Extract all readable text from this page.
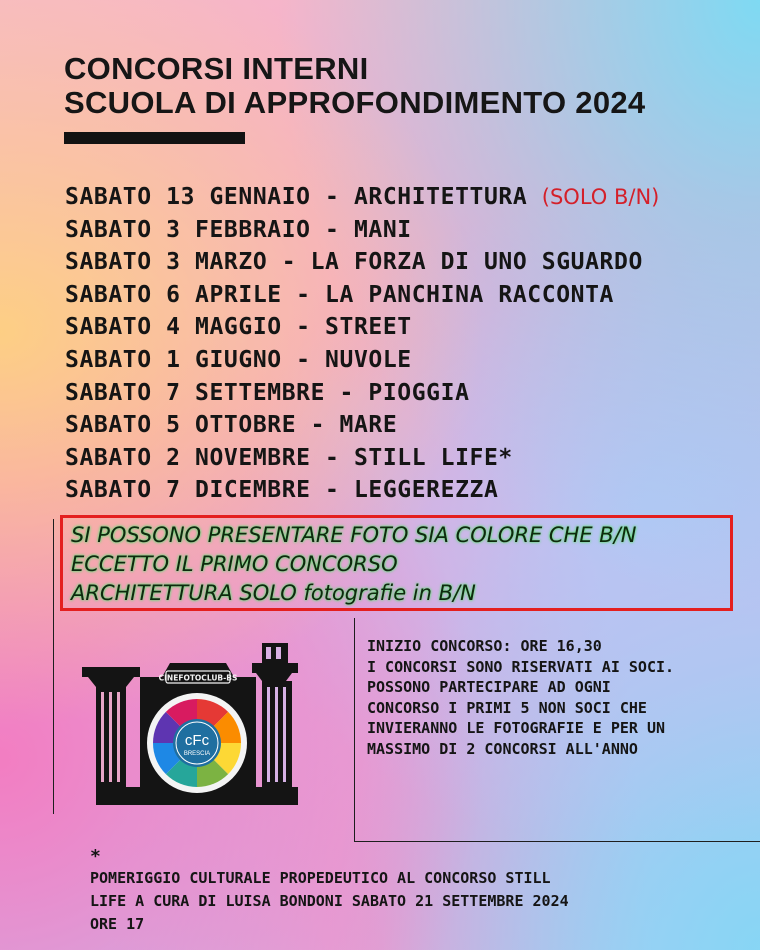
CONCORSI INTERNI
SCUOLA DI APPROFONDIMENTO 2024
SABATO 13 GENNAIO - ARCHITETTURA (SOLO B/N)
SABATO 3 FEBBRAIO - MANI
SABATO 3 MARZO - LA FORZA DI UNO SGUARDO
SABATO 6 APRILE - LA PANCHINA RACCONTA
SABATO 4 MAGGIO - STREET
SABATO 1 GIUGNO - NUVOLE
SABATO 7 SETTEMBRE - PIOGGIA
SABATO 5 OTTOBRE - MARE
SABATO 2 NOVEMBRE - STILL LIFE*
SABATO 7 DICEMBRE - LEGGEREZZA
SI POSSONO PRESENTARE FOTO SIA COLORE CHE B/N
ECCETTO IL PRIMO CONCORSO
ARCHITETTURA SOLO fotografie in B/N
CINEFOTOCLUB-BS
cFc
BRESCIA
INIZIO CONCORSO: ORE 16,30
I CONCORSI SONO RISERVATI AI SOCI.
POSSONO PARTECIPARE AD OGNI
CONCORSO I PRIMI 5 NON SOCI CHE
INVIERANNO LE FOTOGRAFIE E PER UN
MASSIMO DI 2 CONCORSI ALL'ANNO
*
POMERIGGIO CULTURALE PROPEDEUTICO AL CONCORSO STILL
LIFE A CURA DI LUISA BONDONI SABATO 21 SETTEMBRE 2024
ORE 17
